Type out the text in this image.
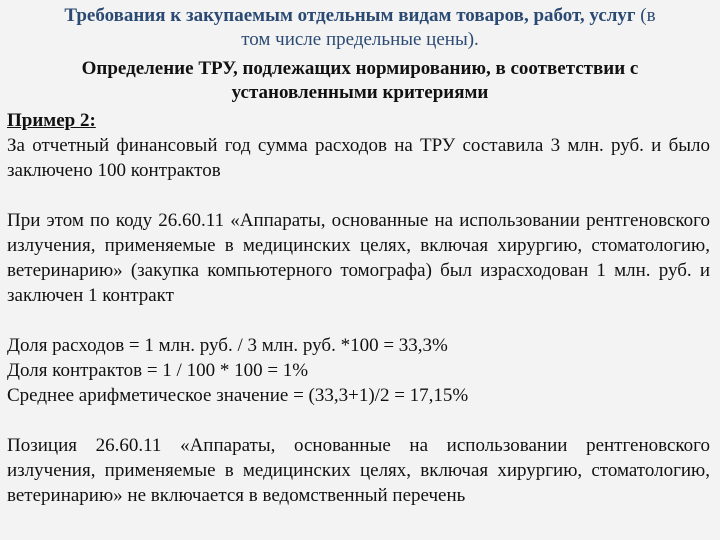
Требования к закупаемым отдельным видам товаров, работ, услуг (в
том числе предельные цены).
Определение ТРУ, подлежащих нормированию, в соответствии с установленными критериями
Пример 2:

За отчетный финансовый год сумма расходов на ТРУ составила 3 млн. руб. и было заключено 100 контрактов

При этом по коду 26.60.11 «Аппараты, основанные на использовании рентгеновского излучения, применяемые в медицинских целях, включая хирургию, стоматологию, ветеринарию» (закупка компьютерного томографа) был израсходован 1 млн. руб. и заключен 1 контракт

Доля расходов = 1 млн. руб. / 3 млн. руб. *100 = 33,3%
Доля контрактов = 1 / 100 * 100 = 1%
Среднее арифметическое значение = (33,3+1)/2 = 17,15%

Позиция 26.60.11 «Аппараты, основанные на использовании рентгеновского излучения, применяемые в медицинских целях, включая хирургию, стоматологию, ветеринарию» не включается в ведомственный перечень
